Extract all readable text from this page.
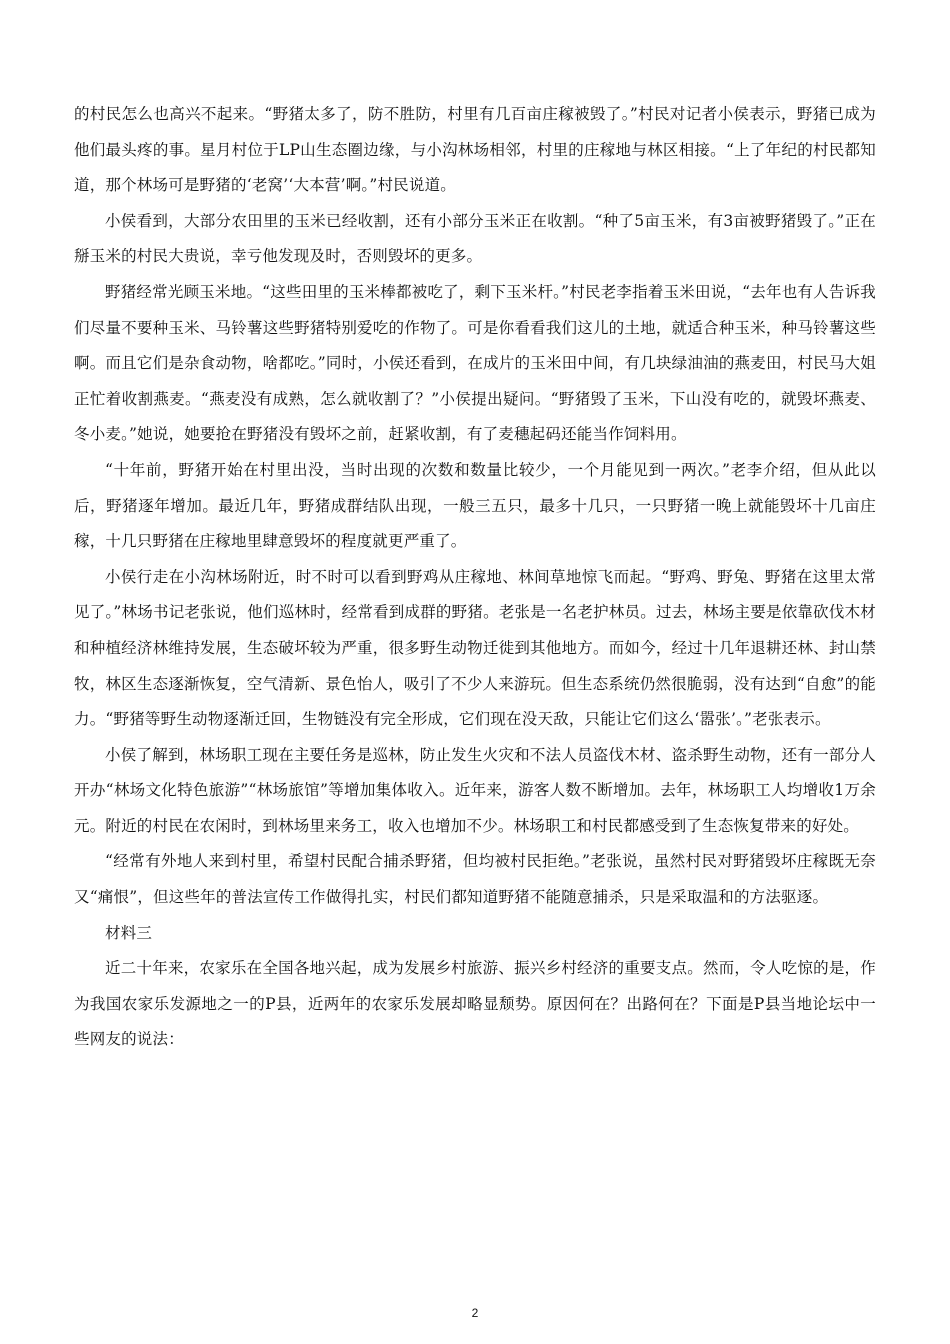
的村民怎么也高兴不起来。“野猪太多了，防不胜防，村里有几百亩庄稼被毁了。”村民对记者小侯表示，野猪已成为他们最头疼的事。星月村位于LP山生态圈边缘，与小沟林场相邻，村里的庄稼地与林区相接。“上了年纪的村民都知道，那个林场可是野猪的‘老窝’‘大本营’啊。”村民说道。

小侯看到，大部分农田里的玉米已经收割，还有小部分玉米正在收割。“种了5亩玉米，有3亩被野猪毁了。”正在掰玉米的村民大贵说，幸亏他发现及时，否则毁坏的更多。

野猪经常光顾玉米地。“这些田里的玉米棒都被吃了，剩下玉米杆。”村民老李指着玉米田说，“去年也有人告诉我们尽量不要种玉米、马铃薯这些野猪特别爱吃的作物了。可是你看看我们这儿的土地，就适合种玉米，种马铃薯这些啊。而且它们是杂食动物，啥都吃。”同时，小侯还看到，在成片的玉米田中间，有几块绿油油的燕麦田，村民马大姐正忙着收割燕麦。“燕麦没有成熟，怎么就收割了？”小侯提出疑问。“野猪毁了玉米，下山没有吃的，就毁坏燕麦、冬小麦。”她说，她要抢在野猪没有毁坏之前，赶紧收割，有了麦穗起码还能当作饲料用。

“十年前，野猪开始在村里出没，当时出现的次数和数量比较少，一个月能见到一两次。”老李介绍，但从此以后，野猪逐年增加。最近几年，野猪成群结队出现，一般三五只，最多十几只，一只野猪一晚上就能毁坏十几亩庄稼，十几只野猪在庄稼地里肆意毁坏的程度就更严重了。

小侯行走在小沟林场附近，时不时可以看到野鸡从庄稼地、林间草地惊飞而起。“野鸡、野兔、野猪在这里太常见了。”林场书记老张说，他们巡林时，经常看到成群的野猪。老张是一名老护林员。过去，林场主要是依靠砍伐木材和种植经济林维持发展，生态破坏较为严重，很多野生动物迁徙到其他地方。而如今，经过十几年退耕还林、封山禁牧，林区生态逐渐恢复，空气清新、景色怡人，吸引了不少人来游玩。但生态系统仍然很脆弱，没有达到“自愈”的能力。“野猪等野生动物逐渐迁回，生物链没有完全形成，它们现在没天敌，只能让它们这么‘嚣张’。”老张表示。

小侯了解到，林场职工现在主要任务是巡林，防止发生火灾和不法人员盗伐木材、盗杀野生动物，还有一部分人开办“林场文化特色旅游”“林场旅馆”等增加集体收入。近年来，游客人数不断增加。去年，林场职工人均增收1万余元。附近的村民在农闲时，到林场里来务工，收入也增加不少。林场职工和村民都感受到了生态恢复带来的好处。

“经常有外地人来到村里，希望村民配合捕杀野猪，但均被村民拒绝。”老张说，虽然村民对野猪毁坏庄稼既无奈又“痛恨”，但这些年的普法宣传工作做得扎实，村民们都知道野猪不能随意捕杀，只是采取温和的方法驱逐。

材料三

近二十年来，农家乐在全国各地兴起，成为发展乡村旅游、振兴乡村经济的重要支点。然而，令人吃惊的是，作为我国农家乐发源地之一的P县，近两年的农家乐发展却略显颓势。原因何在？出路何在？下面是P县当地论坛中一些网友的说法：

2
